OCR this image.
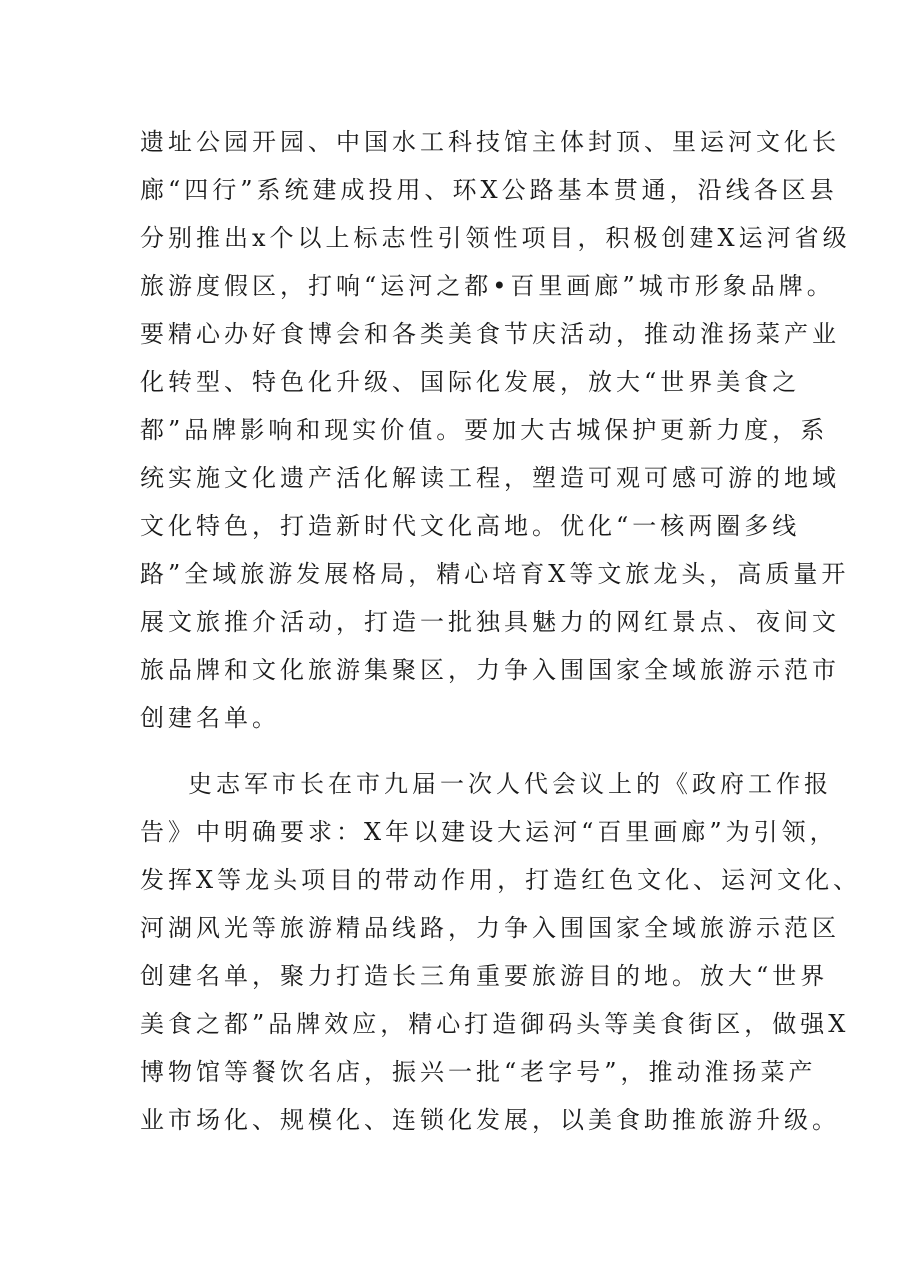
遗址公园开园、中国水工科技馆主体封顶、里运河文化长
廊“四行”系统建成投用、环X公路基本贯通，沿线各区县
分别推出x个以上标志性引领性项目，积极创建X运河省级
旅游度假区，打响“运河之都•百里画廊”城市形象品牌。
要精心办好食博会和各类美食节庆活动，推动淮扬菜产业
化转型、特色化升级、国际化发展，放大“世界美食之
都”品牌影响和现实价值。要加大古城保护更新力度，系
统实施文化遗产活化解读工程，塑造可观可感可游的地域
文化特色，打造新时代文化高地。优化“一核两圈多线
路”全域旅游发展格局，精心培育X等文旅龙头，高质量开
展文旅推介活动，打造一批独具魅力的网红景点、夜间文
旅品牌和文化旅游集聚区，力争入围国家全域旅游示范市
创建名单。
史志军市长在市九届一次人代会议上的《政府工作报
告》中明确要求：X年以建设大运河“百里画廊”为引领，
发挥X等龙头项目的带动作用，打造红色文化、运河文化、
河湖风光等旅游精品线路，力争入围国家全域旅游示范区
创建名单，聚力打造长三角重要旅游目的地。放大“世界
美食之都”品牌效应，精心打造御码头等美食街区，做强X
博物馆等餐饮名店，振兴一批“老字号”，推动淮扬菜产
业市场化、规模化、连锁化发展，以美食助推旅游升级。
